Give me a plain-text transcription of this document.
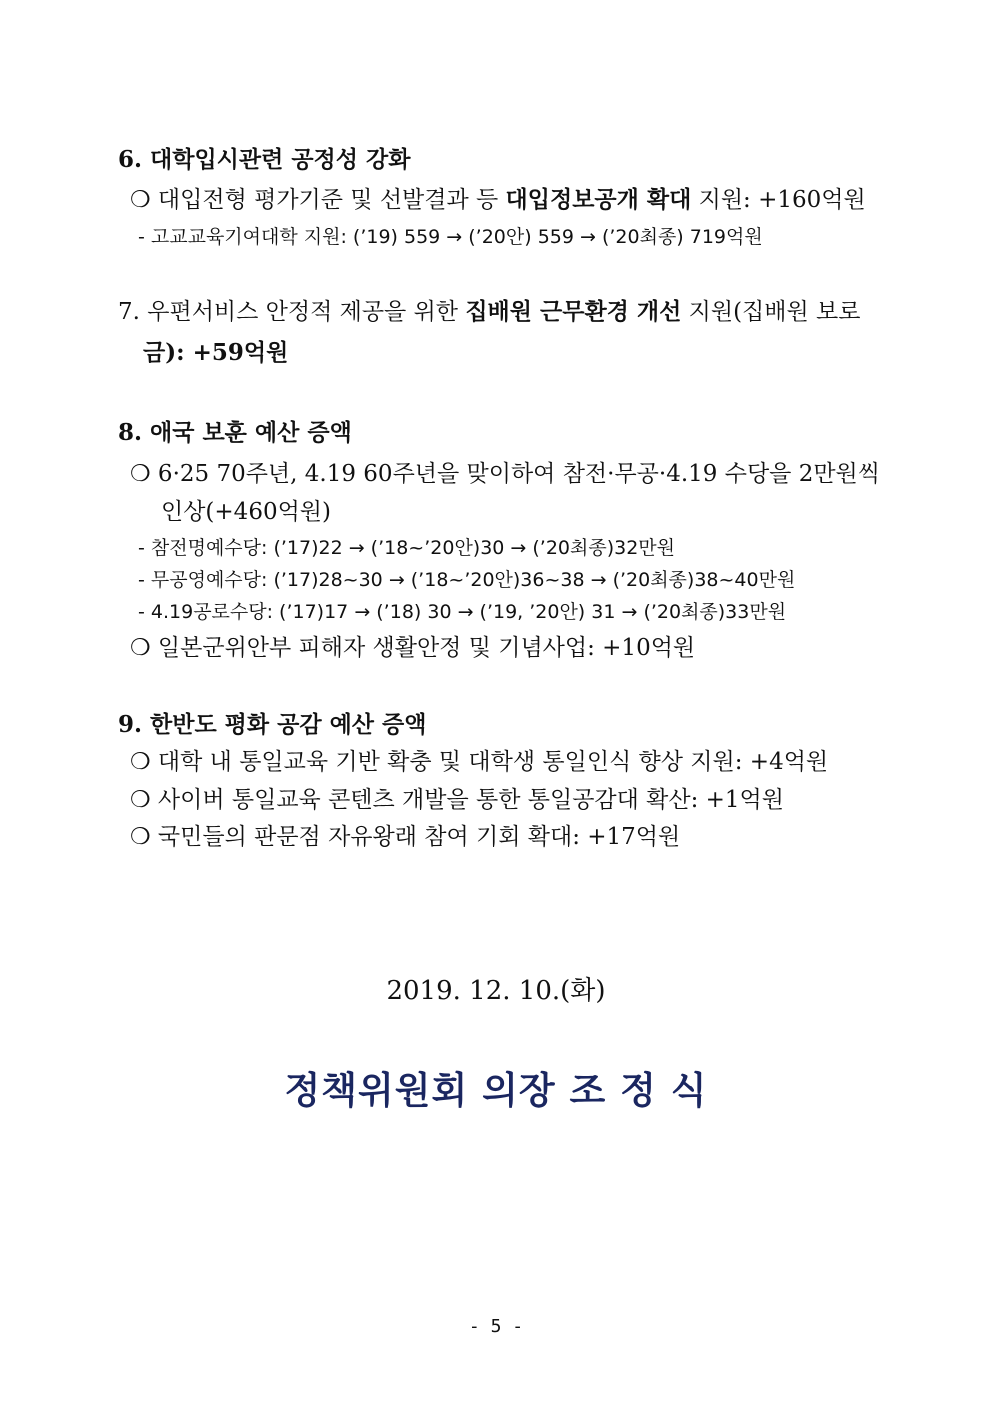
6. 대학입시관련 공정성 강화
❍ 대입전형 평가기준 및 선발결과 등 대입정보공개 확대 지원: +160억원
- 고교교육기여대학 지원: (’19) 559 → (’20안) 559 → (’20최종) 719억원
7. 우편서비스 안정적 제공을 위한 집배원 근무환경 개선 지원(집배원 보로
금): +59억원
8. 애국 보훈 예산 증액
❍ 6·25 70주년, 4.19 60주년을 맞이하여 참전·무공·4.19 수당을 2만원씩
인상(+460억원)
- 참전명예수당: (’17)22 → (’18~’20안)30 → (’20최종)32만원
- 무공영예수당: (’17)28~30 → (’18~’20안)36~38 → (’20최종)38~40만원
- 4.19공로수당: (’17)17 → (’18) 30 → (’19, ’20안) 31 → (’20최종)33만원
❍ 일본군위안부 피해자 생활안정 및 기념사업: +10억원
9. 한반도 평화 공감 예산 증액
❍ 대학 내 통일교육 기반 확충 및 대학생 통일인식 향상 지원: +4억원
❍ 사이버 통일교육 콘텐츠 개발을 통한 통일공감대 확산: +1억원
❍ 국민들의 판문점 자유왕래 참여 기회 확대: +17억원
2019. 12. 10.(화)
정책위원회 의장 조 정 식
- 5 -
